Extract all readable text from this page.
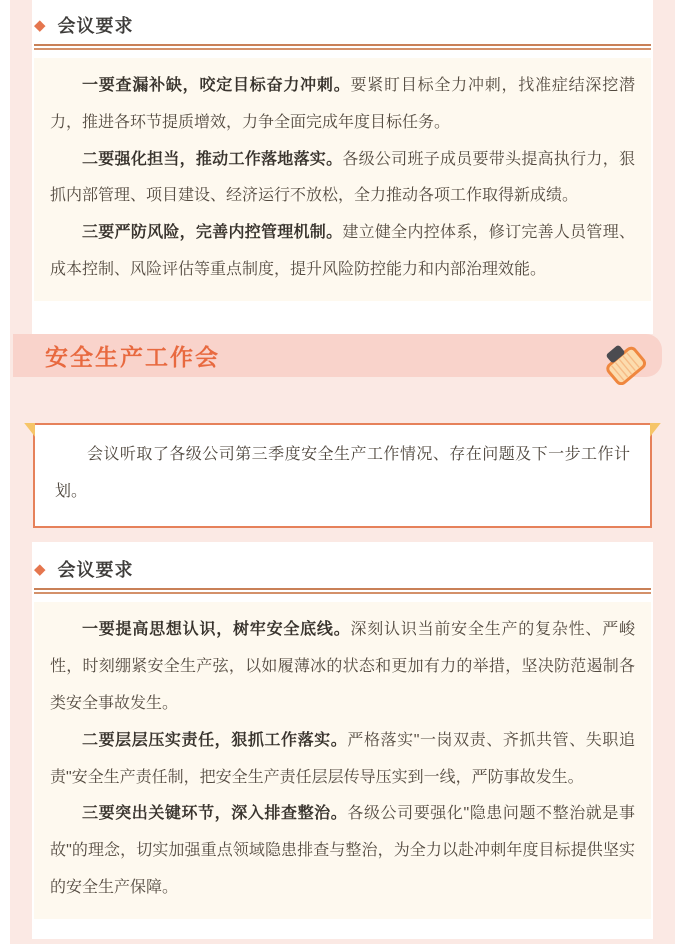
◆ 会议要求

一要查漏补缺，咬定目标奋力冲刺。要紧盯目标全力冲刺，找准症结深挖潜力，推进各环节提质增效，力争全面完成年度目标任务。

二要强化担当，推动工作落地落实。各级公司班子成员要带头提高执行力，狠抓内部管理、项目建设、经济运行不放松，全力推动各项工作取得新成绩。

三要严防风险，完善内控管理机制。建立健全内控体系，修订完善人员管理、成本控制、风险评估等重点制度，提升风险防控能力和内部治理效能。

安全生产工作会

会议听取了各级公司第三季度安全生产工作情况、存在问题及下一步工作计划。

◆ 会议要求

一要提高思想认识，树牢安全底线。深刻认识当前安全生产的复杂性、严峻性，时刻绷紧安全生产弦，以如履薄冰的状态和更加有力的举措，坚决防范遏制各类安全事故发生。

二要层层压实责任，狠抓工作落实。严格落实"一岗双责、齐抓共管、失职追责"安全生产责任制，把安全生产责任层层传导压实到一线，严防事故发生。

三要突出关键环节，深入排查整治。各级公司要强化"隐患问题不整治就是事故"的理念，切实加强重点领域隐患排查与整治，为全力以赴冲刺年度目标提供坚实的安全生产保障。
